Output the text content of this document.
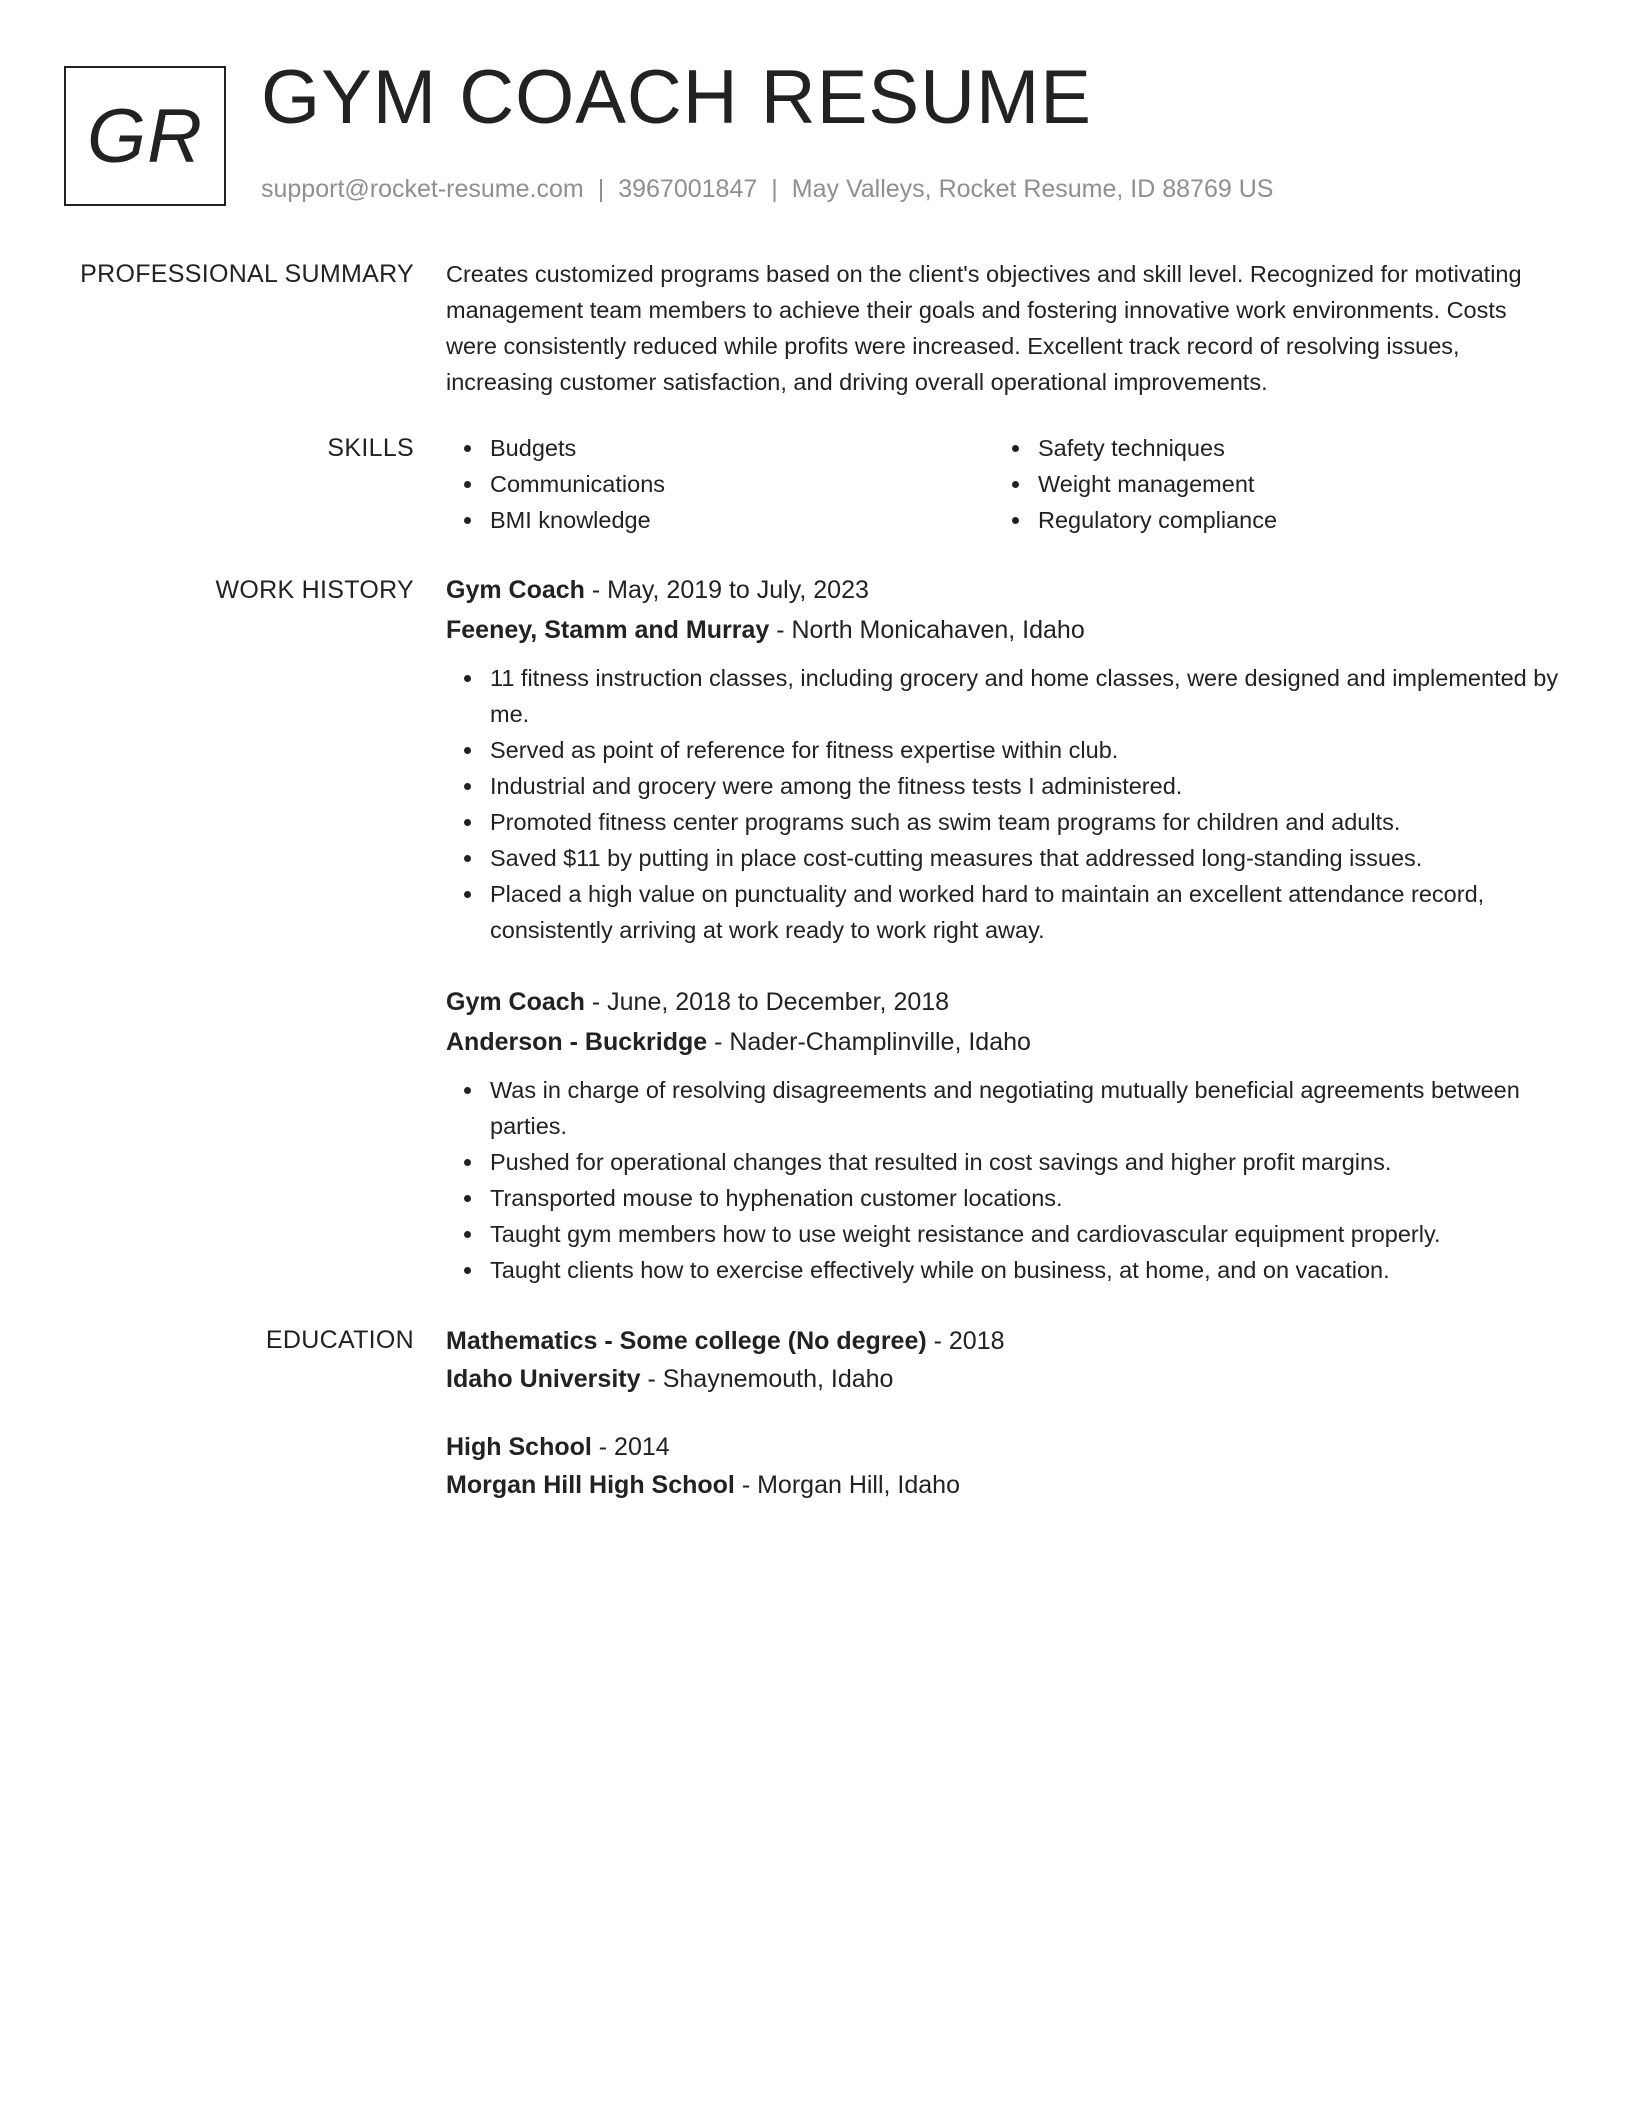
GR GYM COACH RESUME
support@rocket-resume.com | 3967001847 | May Valleys, Rocket Resume, ID 88769 US
PROFESSIONAL SUMMARY Creates customized programs based on the client's objectives and skill level. Recognized for motivating management team members to achieve their goals and fostering innovative work environments. Costs were consistently reduced while profits were increased. Excellent track record of resolving issues, increasing customer satisfaction, and driving overall operational improvements.

SKILLS	Budgets
Communications
BMI knowledge
Safety techniques
Weight management
Regulatory compliance
WORK HISTORY Gym Coach - May, 2019 to July, 2023
Feeney, Stamm and Murray - North Monicahaven, Idaho
11 fitness instruction classes, including grocery and home classes, were designed and implemented by me.
Served as point of reference for fitness expertise within club.
Industrial and grocery were among the fitness tests I administered.
Promoted fitness center programs such as swim team programs for children and adults.
Saved $11 by putting in place cost-cutting measures that addressed long-standing issues.
Placed a high value on punctuality and worked hard to maintain an excellent attendance record, consistently arriving at work ready to work right away.
Gym Coach - June, 2018 to December, 2018
Anderson - Buckridge - Nader-Champlinville, Idaho
Was in charge of resolving disagreements and negotiating mutually beneficial agreements between parties.
Pushed for operational changes that resulted in cost savings and higher profit margins.
Transported mouse to hyphenation customer locations.
Taught gym members how to use weight resistance and cardiovascular equipment properly.
Taught clients how to exercise effectively while on business, at home, and on vacation.
EDUCATION Mathematics - Some college (No degree) - 2018
Idaho University - Shaynemouth, Idaho
High School - 2014
Morgan Hill High School - Morgan Hill, Idaho
